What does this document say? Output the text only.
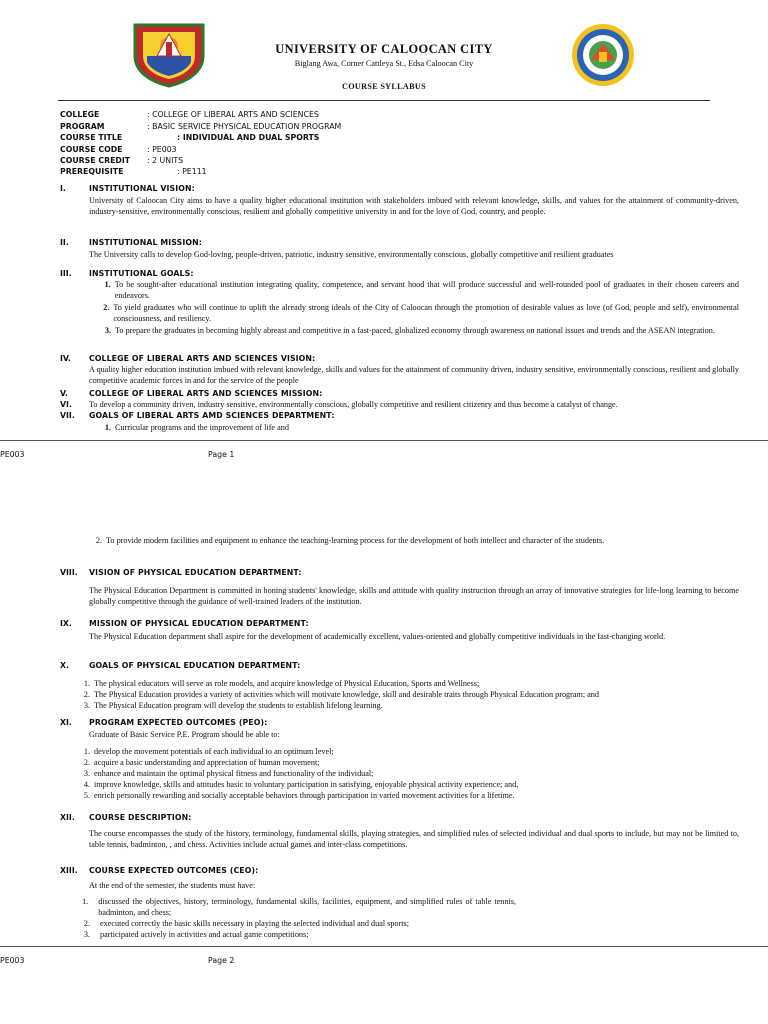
UNIVERSITY OF CALOOCAN CITY
Biglang Awa, Corner Cattleya St., Edsa Caloocan City
COURSE SYLLABUS
COLLEGE	: COLLEGE OF LIBERAL ARTS AND SCIENCES
PROGRAM	: BASIC SERVICE PHYSICAL EDUCATION PROGRAM
COURSE TITLE	: INDIVIDUAL AND DUAL SPORTS
COURSE CODE	: PE003
COURSE CREDIT	: 2 UNITS
PREREQUISITE	: PE111
I.	INSTITUTIONAL VISION:
University of Caloocan City aims to have a quality higher educational institution with stakeholders imbued with relevant knowledge, skills, and values for the attainment of community-driven, industry-sensitive, environmentally conscious, resilient and globally competitive university in and for the love of God, country, and people.
II.	INSTITUTIONAL MISSION:
The University calls to develop God-loving, people-driven, patriotic, industry sensitive, environmentally conscious, globally competitive and resilient graduates
III. INSTITUTIONAL GOALS:
1. To be sought-after educational institution integrating quality, competence, and servant hood that will produce successful and well-rounded pool of graduates in their chosen careers and endeavors.
2. To yield graduates who will continue to uplift the already strong ideals of the City of Caloocan through the promotion of desirable values as love (of God, people and self), environmental consciousness, and resiliency.
3. To prepare the graduates in becoming highly abreast and competitive in a fast-paced, globalized economy through awareness on national issues and trends and the ASEAN integration.
IV. COLLEGE OF LIBERAL ARTS AND SCIENCES VISION:
A quality higher education institution imbued with relevant knowledge, skills and values for the attainment of community driven, industry sensitive, environmentally conscious, resilient and globally competitive academic forces in and for the service of the people
V.	COLLEGE OF LIBERAL ARTS AND SCIENCES MISSION:
VI. To develop a community driven, industry sensitive, environmentally conscious, globally competitive and resilient citizenry and thus become a catalyst of change.
VII. GOALS OF LIBERAL ARTS AMD SCIENCES DEPARTMENT:
1. Curricular programs and the improvement of life and
PE003	Page 1
2. To provide modern facilities and equipment to enhance the teaching-learning process for the development of both intellect and character of the students.
VIII. VISION OF PHYSICAL EDUCATION DEPARTMENT:
The Physical Education Department is committed in honing students' knowledge, skills and attitude with quality instruction through an array of innovative strategies for life-long learning to become globally competitive through the guidance of well-trained leaders of the institution.
IX. MISSION OF PHYSICAL EDUCATION DEPARTMENT:
The Physical Education department shall aspire for the development of academically excellent, values-oriented and globally competitive individuals in the fast-changing world.
X.	GOALS OF PHYSICAL EDUCATION DEPARTMENT:
1. The physical educators will serve as role models, and acquire knowledge of Physical Education, Sports and Wellness;
2. The Physical Education provides a variety of activities which will motivate knowledge, skill and desirable traits through Physical Education program; and
3. The Physical Education program will develop the students to establish lifelong learning.
XI. PROGRAM EXPECTED OUTCOMES (PEO):
Graduate of Basic Service P.E. Program should be able to:
1. develop the movement potentials of each individual to an optimum level;
2. acquire a basic understanding and appreciation of human movement;
3. enhance and maintain the optimal physical fitness and functionality of the individual;
4. improve knowledge, skills and attitudes basic to voluntary participation in satisfying, enjoyable physical activity experience; and,
5. enrich personally rewarding and socially acceptable behaviors through participation in varied movement activities for a lifetime.
XII. COURSE DESCRIPTION:
The course encompasses the study of the history, terminology, fundamental skills, playing strategies, and simplified rules of selected individual and dual sports to include, but may not be limited to, table tennis, badminton, , and chess. Activities include actual games and inter-class competitions.
XIII. COURSE EXPECTED OUTCOMES (CEO):
At the end of the semester, the students must have:
1. discussed the objectives, history, terminology, fundamental skills, facilities, equipment, and simplified rules of table tennis, badminton, and chess;
2. executed correctly the basic skills necessary in playing the selected individual and dual sports;
3. participated actively in activities and actual game competitions;
PE003	Page 2
